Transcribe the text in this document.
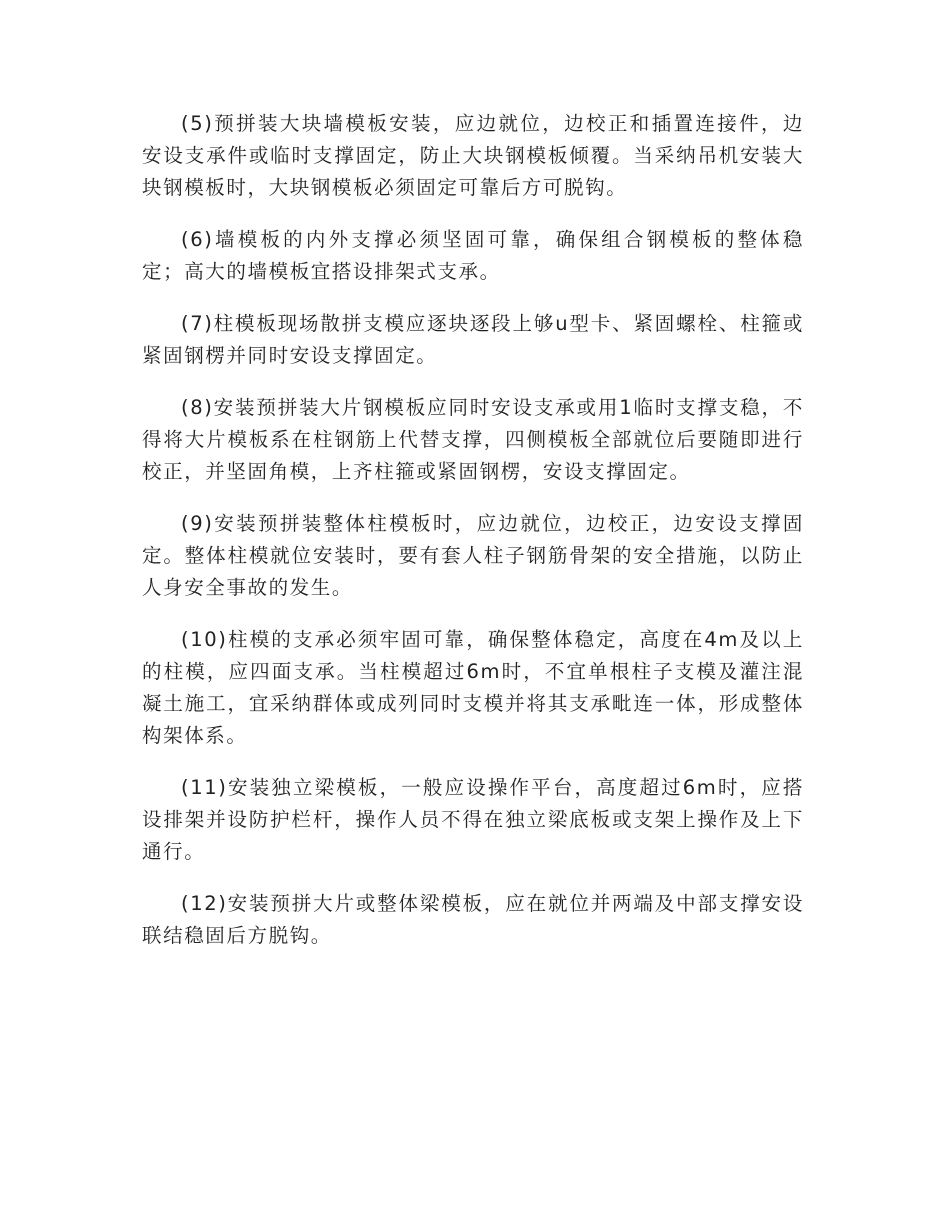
(5)预拼装大块墙模板安装，应边就位，边校正和插置连接件，边安设支承件或临时支撑固定，防止大块钢模板倾覆。当采纳吊机安装大块钢模板时，大块钢模板必须固定可靠后方可脱钩。

(6)墙模板的内外支撑必须坚固可靠，确保组合钢模板的整体稳定；高大的墙模板宜搭设排架式支承。

(7)柱模板现场散拼支模应逐块逐段上够u型卡、紧固螺栓、柱箍或紧固钢楞并同时安设支撑固定。

(8)安装预拼装大片钢模板应同时安设支承或用1临时支撑支稳，不得将大片模板系在柱钢筋上代替支撑，四侧模板全部就位后要随即进行校正，并坚固角模，上齐柱箍或紧固钢楞，安设支撑固定。

(9)安装预拼装整体柱模板时，应边就位，边校正，边安设支撑固定。整体柱模就位安装时，要有套人柱子钢筋骨架的安全措施，以防止人身安全事故的发生。

(10)柱模的支承必须牢固可靠，确保整体稳定，高度在4m及以上的柱模，应四面支承。当柱模超过6m时，不宜单根柱子支模及灌注混凝土施工，宜采纳群体或成列同时支模并将其支承毗连一体，形成整体构架体系。

(11)安装独立梁模板，一般应设操作平台，高度超过6m时，应搭设排架并设防护栏杆，操作人员不得在独立梁底板或支架上操作及上下通行。

(12)安装预拼大片或整体梁模板，应在就位并两端及中部支撑安设联结稳固后方脱钩。
